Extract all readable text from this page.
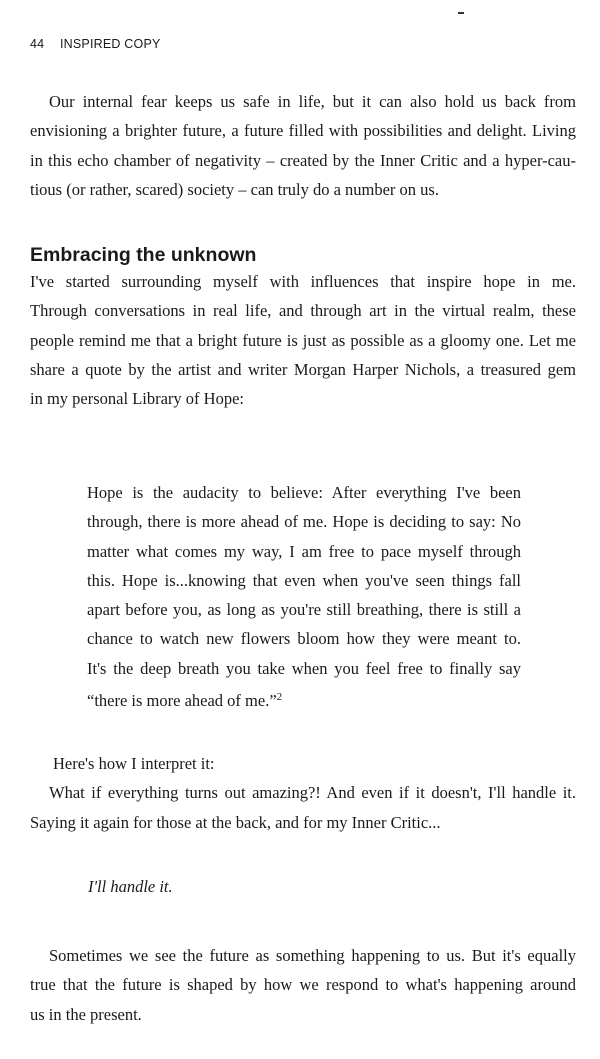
44 INSPIRED COPY
Our internal fear keeps us safe in life, but it can also hold us back from
envisioning a brighter future, a future filled with possibilities and delight. Living
in this echo chamber of negativity – created by the Inner Critic and a hyper-cau-
tious (or rather, scared) society – can truly do a number on us.
Embracing the unknown
I've started surrounding myself with influences that inspire hope in me.
Through conversations in real life, and through art in the virtual realm, these
people remind me that a bright future is just as possible as a gloomy one. Let me
share a quote by the artist and writer Morgan Harper Nichols, a treasured gem
in my personal Library of Hope:
Hope is the audacity to believe: After everything I've been
through, there is more ahead of me. Hope is deciding to say: No
matter what comes my way, I am free to pace myself through
this. Hope is...knowing that even when you've seen things fall
apart before you, as long as you're still breathing, there is still a
chance to watch new flowers bloom how they were meant to.
It's the deep breath you take when you feel free to finally say
“there is more ahead of me.”$^2$
Here's how I interpret it:
What if everything turns out amazing?! And even if it doesn't, I'll handle it.
Saying it again for those at the back, and for my Inner Critic...
I'll handle it.
Sometimes we see the future as something happening to us. But it's equally
true that the future is shaped by how we respond to what's happening around
us in the present.
